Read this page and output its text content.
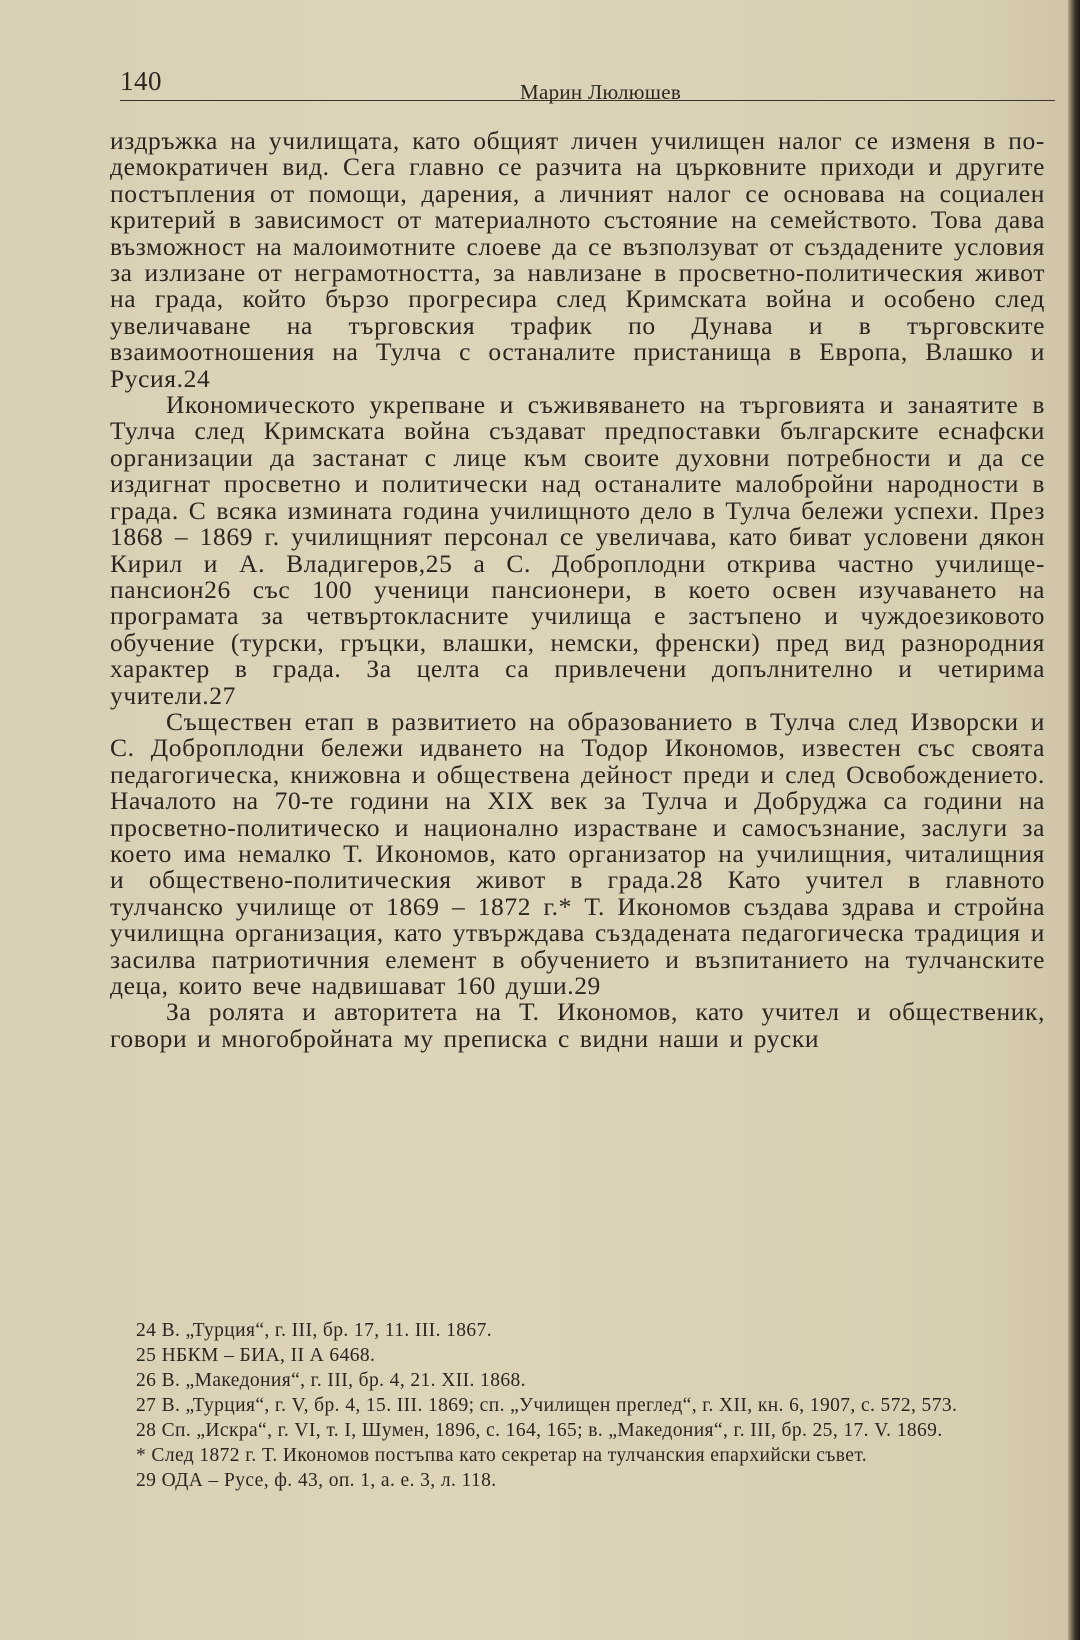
140	Марин Люлюшев

издръжка на училищата, като общият личен училищен налог се изменя в по-демократичен вид. Сега главно се разчита на църковните приходи и другите постъпления от помощи, дарения, а личният налог се основава на социален критерий в зависимост от материалното състояние на семейството. Това дава възможност на малоимотните слоеве да се възползуват от създадените условия за излизане от неграмотността, за навлизане в просветно-политическия живот на града, който бързо прогресира след Кримската война и особено след увеличаване на търговския трафик по Дунава и в търговските взаимоотношения на Тулча с останалите пристанища в Европа, Влашко и Русия.24

Икономическото укрепване и съживяването на търговията и занаятите в Тулча след Кримската война създават предпоставки българските еснафски организации да застанат с лице към своите духовни потребности и да се издигнат просветно и политически над останалите малобройни народности в града. С всяка измината година училищното дело в Тулча бележи успехи. През 1868 – 1869 г. училищният персонал се увеличава, като биват условени дякон Кирил и А. Владигеров,25 а С. Доброплодни открива частно училище-пансион26 със 100 ученици пансионери, в което освен изучаването на програмата за четвъртокласните училища е застъпено и чуждоезиковото обучение (турски, гръцки, влашки, немски, френски) пред вид разнородния характер в града. За целта са привлечени допълнително и четирима учители.27

Съществен етап в развитието на образованието в Тулча след Изворски и С. Доброплодни бележи идването на Тодор Икономов, известен със своята педагогическа, книжовна и обществена дейност преди и след Освобождението. Началото на 70-те години на XIX век за Тулча и Добруджа са години на просветно-политическо и национално израстване и самосъзнание, заслуги за което има немалко Т. Икономов, като организатор на училищния, читалищния и обществено-политическия живот в града.28 Като учител в главното тулчанско училище от 1869 – 1872 г.* Т. Икономов създава здрава и стройна училищна организация, като утвърждава създадената педагогическа традиция и засилва патриотичния елемент в обучението и възпитанието на тулчанските деца, които вече надвишават 160 души.29

За ролята и авторитета на Т. Икономов, като учител и общественик, говори и многобройната му преписка с видни наши и руски

24 В. „Турция“, г. III, бр. 17, 11. III. 1867.

25 НБКМ – БИА, II А 6468.

26 В. „Македония“, г. III, бр. 4, 21. XII. 1868.

27 В. „Турция“, г. V, бр. 4, 15. III. 1869; сп. „Училищен преглед“, г. XII, кн. 6, 1907, с. 572, 573.

28 Сп. „Искра“, г. VI, т. I, Шумен, 1896, с. 164, 165; в. „Македония“, г. III, бр. 25, 17. V. 1869.

* След 1872 г. Т. Икономов постъпва като секретар на тулчанския епархийски съвет.

29 ОДА – Русе, ф. 43, оп. 1, а. е. 3, л. 118.
